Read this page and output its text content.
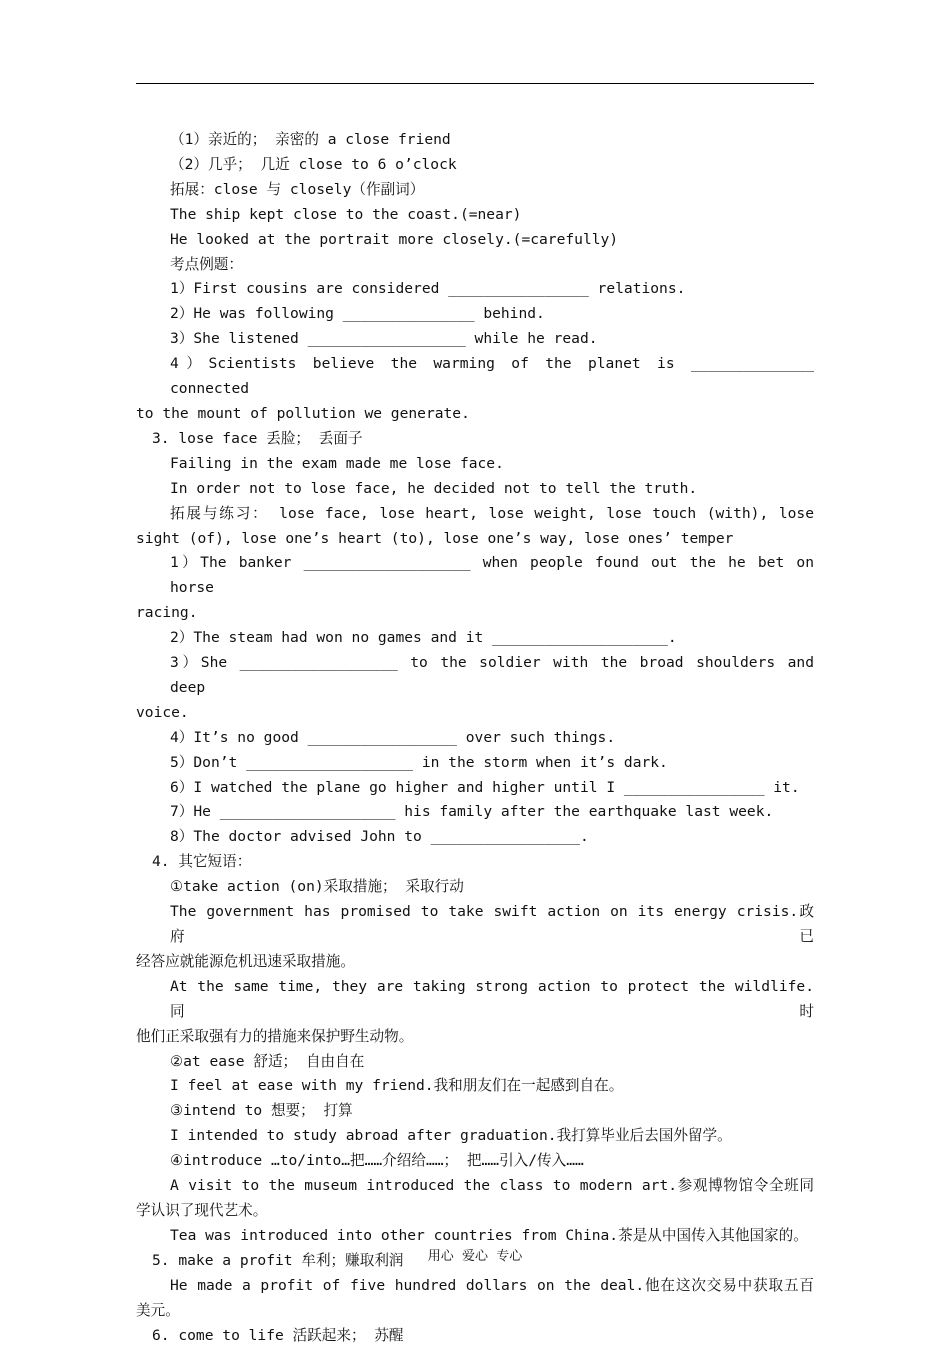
（1）亲近的； 亲密的 a close friend

（2）几乎； 几近 close to 6 o’clock

拓展：close 与 closely（作副词）

The ship kept close to the coast.(=near)

He looked at the portrait more closely.(=carefully)

考点例题：

1）First cousins are considered ________________ relations.

2）He was following _______________ behind.

3）She listened __________________ while he read.

4）Scientists believe the warming of the planet is ______________ connected

to the mount of pollution we generate.

3. lose face 丢脸； 丢面子

Failing in the exam made me lose face.

In order not to lose face, he decided not to tell the truth.

拓展与练习： lose face, lose heart, lose weight, lose touch (with), lose

sight (of), lose one’s heart (to), lose one’s way, lose ones’ temper

1）The banker ___________________ when people found out the he bet on horse

racing.

2）The steam had won no games and it ____________________.

3）She __________________ to the soldier with the broad shoulders and deep

voice.

4）It’s no good _________________ over such things.

5）Don’t ___________________ in the storm when it’s dark.

6）I watched the plane go higher and higher until I ________________ it.

7）He ____________________ his family after the earthquake last week.

8）The doctor advised John to _________________.

4. 其它短语：

①take action (on)采取措施； 采取行动

The government has promised to take swift action on its energy crisis.政府已

经答应就能源危机迅速采取措施。

At the same time, they are taking strong action to protect the wildlife.同时

他们正采取强有力的措施来保护野生动物。

②at ease 舒适； 自由自在

I feel at ease with my friend.我和朋友们在一起感到自在。

③intend to 想要； 打算

I intended to study abroad after graduation.我打算毕业后去国外留学。

④introduce …to/into…把……介绍给……； 把……引入/传入……

A visit to the museum introduced the class to modern art.参观博物馆令全班同

学认识了现代艺术。

Tea was introduced into other countries from China.茶是从中国传入其他国家的。

5. make a profit 牟利；赚取利润

He made a profit of five hundred dollars on the deal.他在这次交易中获取五百

美元。

6. come to life 活跃起来； 苏醒

用心  爱心  专心
